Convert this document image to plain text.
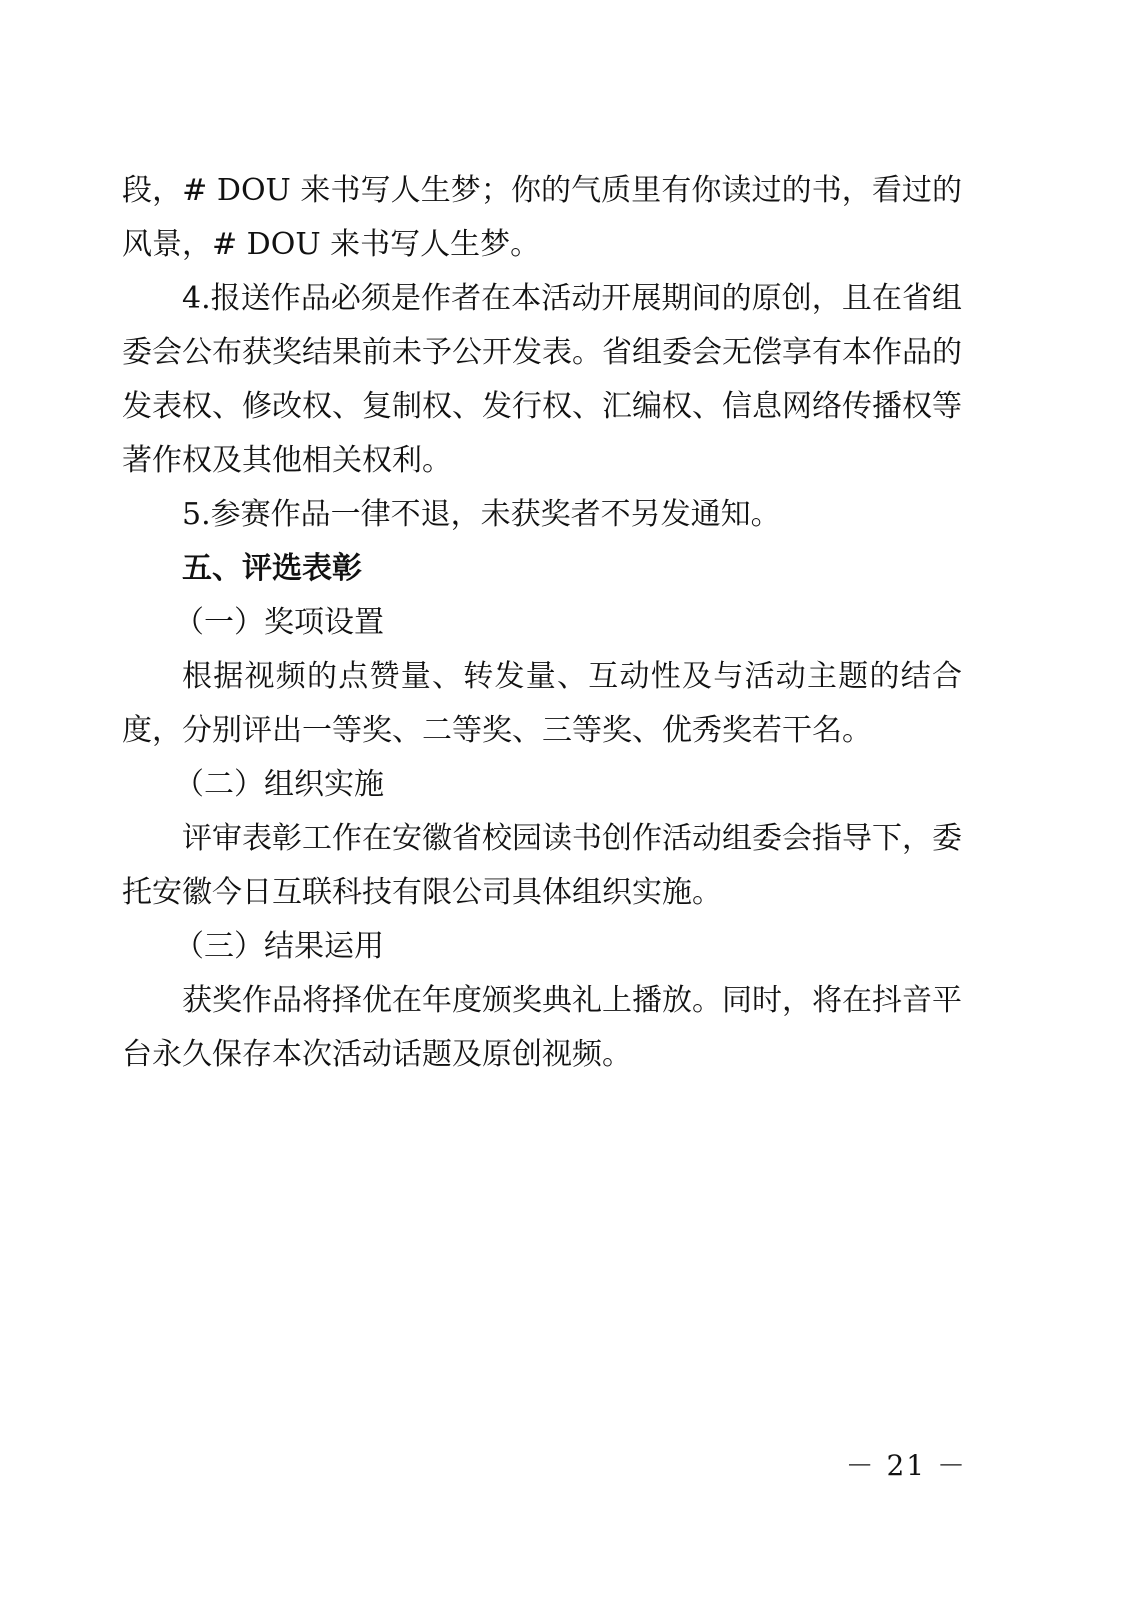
段，# DOU 来书写人生梦；你的气质里有你读过的书，看过的风景，# DOU 来书写人生梦。

4.报送作品必须是作者在本活动开展期间的原创，且在省组委会公布获奖结果前未予公开发表。省组委会无偿享有本作品的发表权、修改权、复制权、发行权、汇编权、信息网络传播权等著作权及其他相关权利。

5.参赛作品一律不退，未获奖者不另发通知。

五、评选表彰

（一）奖项设置

根据视频的点赞量、转发量、互动性及与活动主题的结合度，分别评出一等奖、二等奖、三等奖、优秀奖若干名。

（二）组织实施

评审表彰工作在安徽省校园读书创作活动组委会指导下，委托安徽今日互联科技有限公司具体组织实施。

（三）结果运用

获奖作品将择优在年度颁奖典礼上播放。同时，将在抖音平台永久保存本次活动话题及原创视频。

－ 21 －
